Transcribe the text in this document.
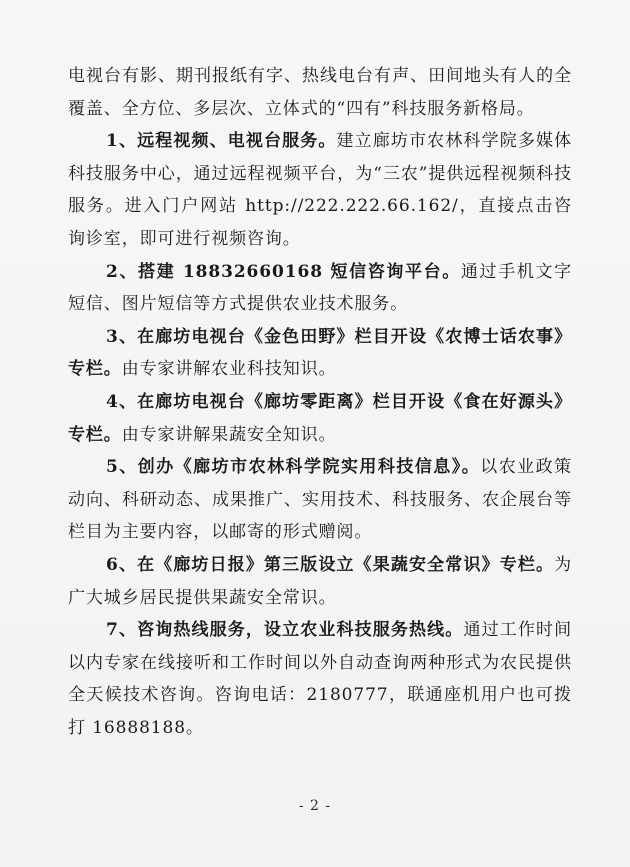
电视台有影、期刊报纸有字、热线电台有声、田间地头有人的全覆盖、全方位、多层次、立体式的“四有”科技服务新格局。

1、远程视频、电视台服务。建立廊坊市农林科学院多媒体科技服务中心，通过远程视频平台，为“三农”提供远程视频科技服务。进入门户网站 http://222.222.66.162/，直接点击咨询诊室，即可进行视频咨询。

2、搭建 18832660168 短信咨询平台。通过手机文字短信、图片短信等方式提供农业技术服务。

3、在廊坊电视台《金色田野》栏目开设《农博士话农事》专栏。由专家讲解农业科技知识。

4、在廊坊电视台《廊坊零距离》栏目开设《食在好源头》专栏。由专家讲解果蔬安全知识。

5、创办《廊坊市农林科学院实用科技信息》。以农业政策动向、科研动态、成果推广、实用技术、科技服务、农企展台等栏目为主要内容，以邮寄的形式赠阅。

6、在《廊坊日报》第三版设立《果蔬安全常识》专栏。为广大城乡居民提供果蔬安全常识。

7、咨询热线服务，设立农业科技服务热线。通过工作时间以内专家在线接听和工作时间以外自动查询两种形式为农民提供全天候技术咨询。咨询电话：2180777，联通座机用户也可拨打 16888188。

- 2 -
